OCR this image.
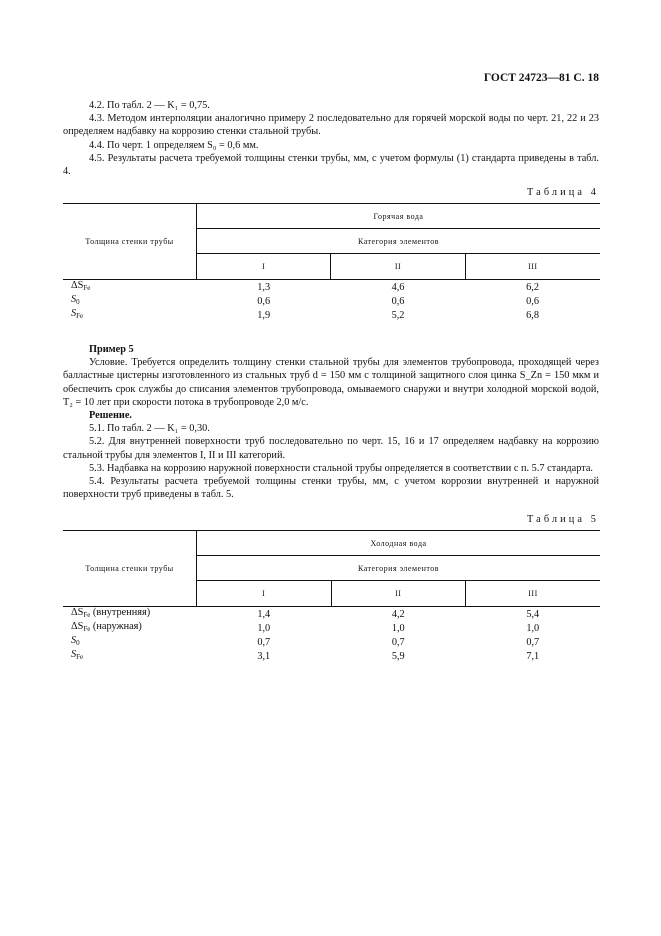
ГОСТ 24723—81 С. 18

4.2. По табл. 2 — K₁ = 0,75.

4.3. Методом интерполяции аналогично примеру 2 последовательно для горячей морской воды по черт. 21, 22 и 23 определяем надбавку на коррозию стенки стальной трубы.

4.4. По черт. 1 определяем S₀ = 0,6 мм.

4.5. Результаты расчета требуемой толщины стенки трубы, мм, с учетом формулы (1) стандарта приведены в табл. 4.

Таблица 4
Толщина стенки трубы	Горячая вода		
	Категория элементов		
	I	II	III
$\Delta S_{Fe}$	1,3	4,6	6,2
$S_0$	0,6	0,6	0,6
$S_{Fe}$	1,9	5,2	6,8

Пример 5

Условие. Требуется определить толщину стенки стальной трубы для элементов трубопровода, проходящей через балластные цистерны изготовленного из стальных труб d = 150 мм с толщиной защитного слоя цинка S_Zn = 150 мкм и обеспечить срок службы до списания элементов трубопровода, омываемого снаружи и внутри холодной морской водой, T₂ = 10 лет при скорости потока в трубопроводе 2,0 м/с.

Решение.

5.1. По табл. 2 — K₁ = 0,30.

5.2. Для внутренней поверхности труб последовательно по черт. 15, 16 и 17 определяем надбавку на коррозию стальной трубы для элементов I, II и III категорий.

5.3. Надбавка на коррозию наружной поверхности стальной трубы определяется в соответствии с п. 5.7 стандарта.

5.4. Результаты расчета требуемой толщины стенки трубы, мм, с учетом коррозии внутренней и наружной поверхности труб приведены в табл. 5.

Таблица 5
Толщина стенки трубы	Холодная вода		
	Категория элементов		
	I	II	III
$\Delta S_{Fe}$ (внутренняя)	1,4	4,2	5,4
$\Delta S_{Fe}$ (наружная)	1,0	1,0	1,0
$S_0$	0,7	0,7	0,7
$S_{Fe}$	3,1	5,9	7,1
